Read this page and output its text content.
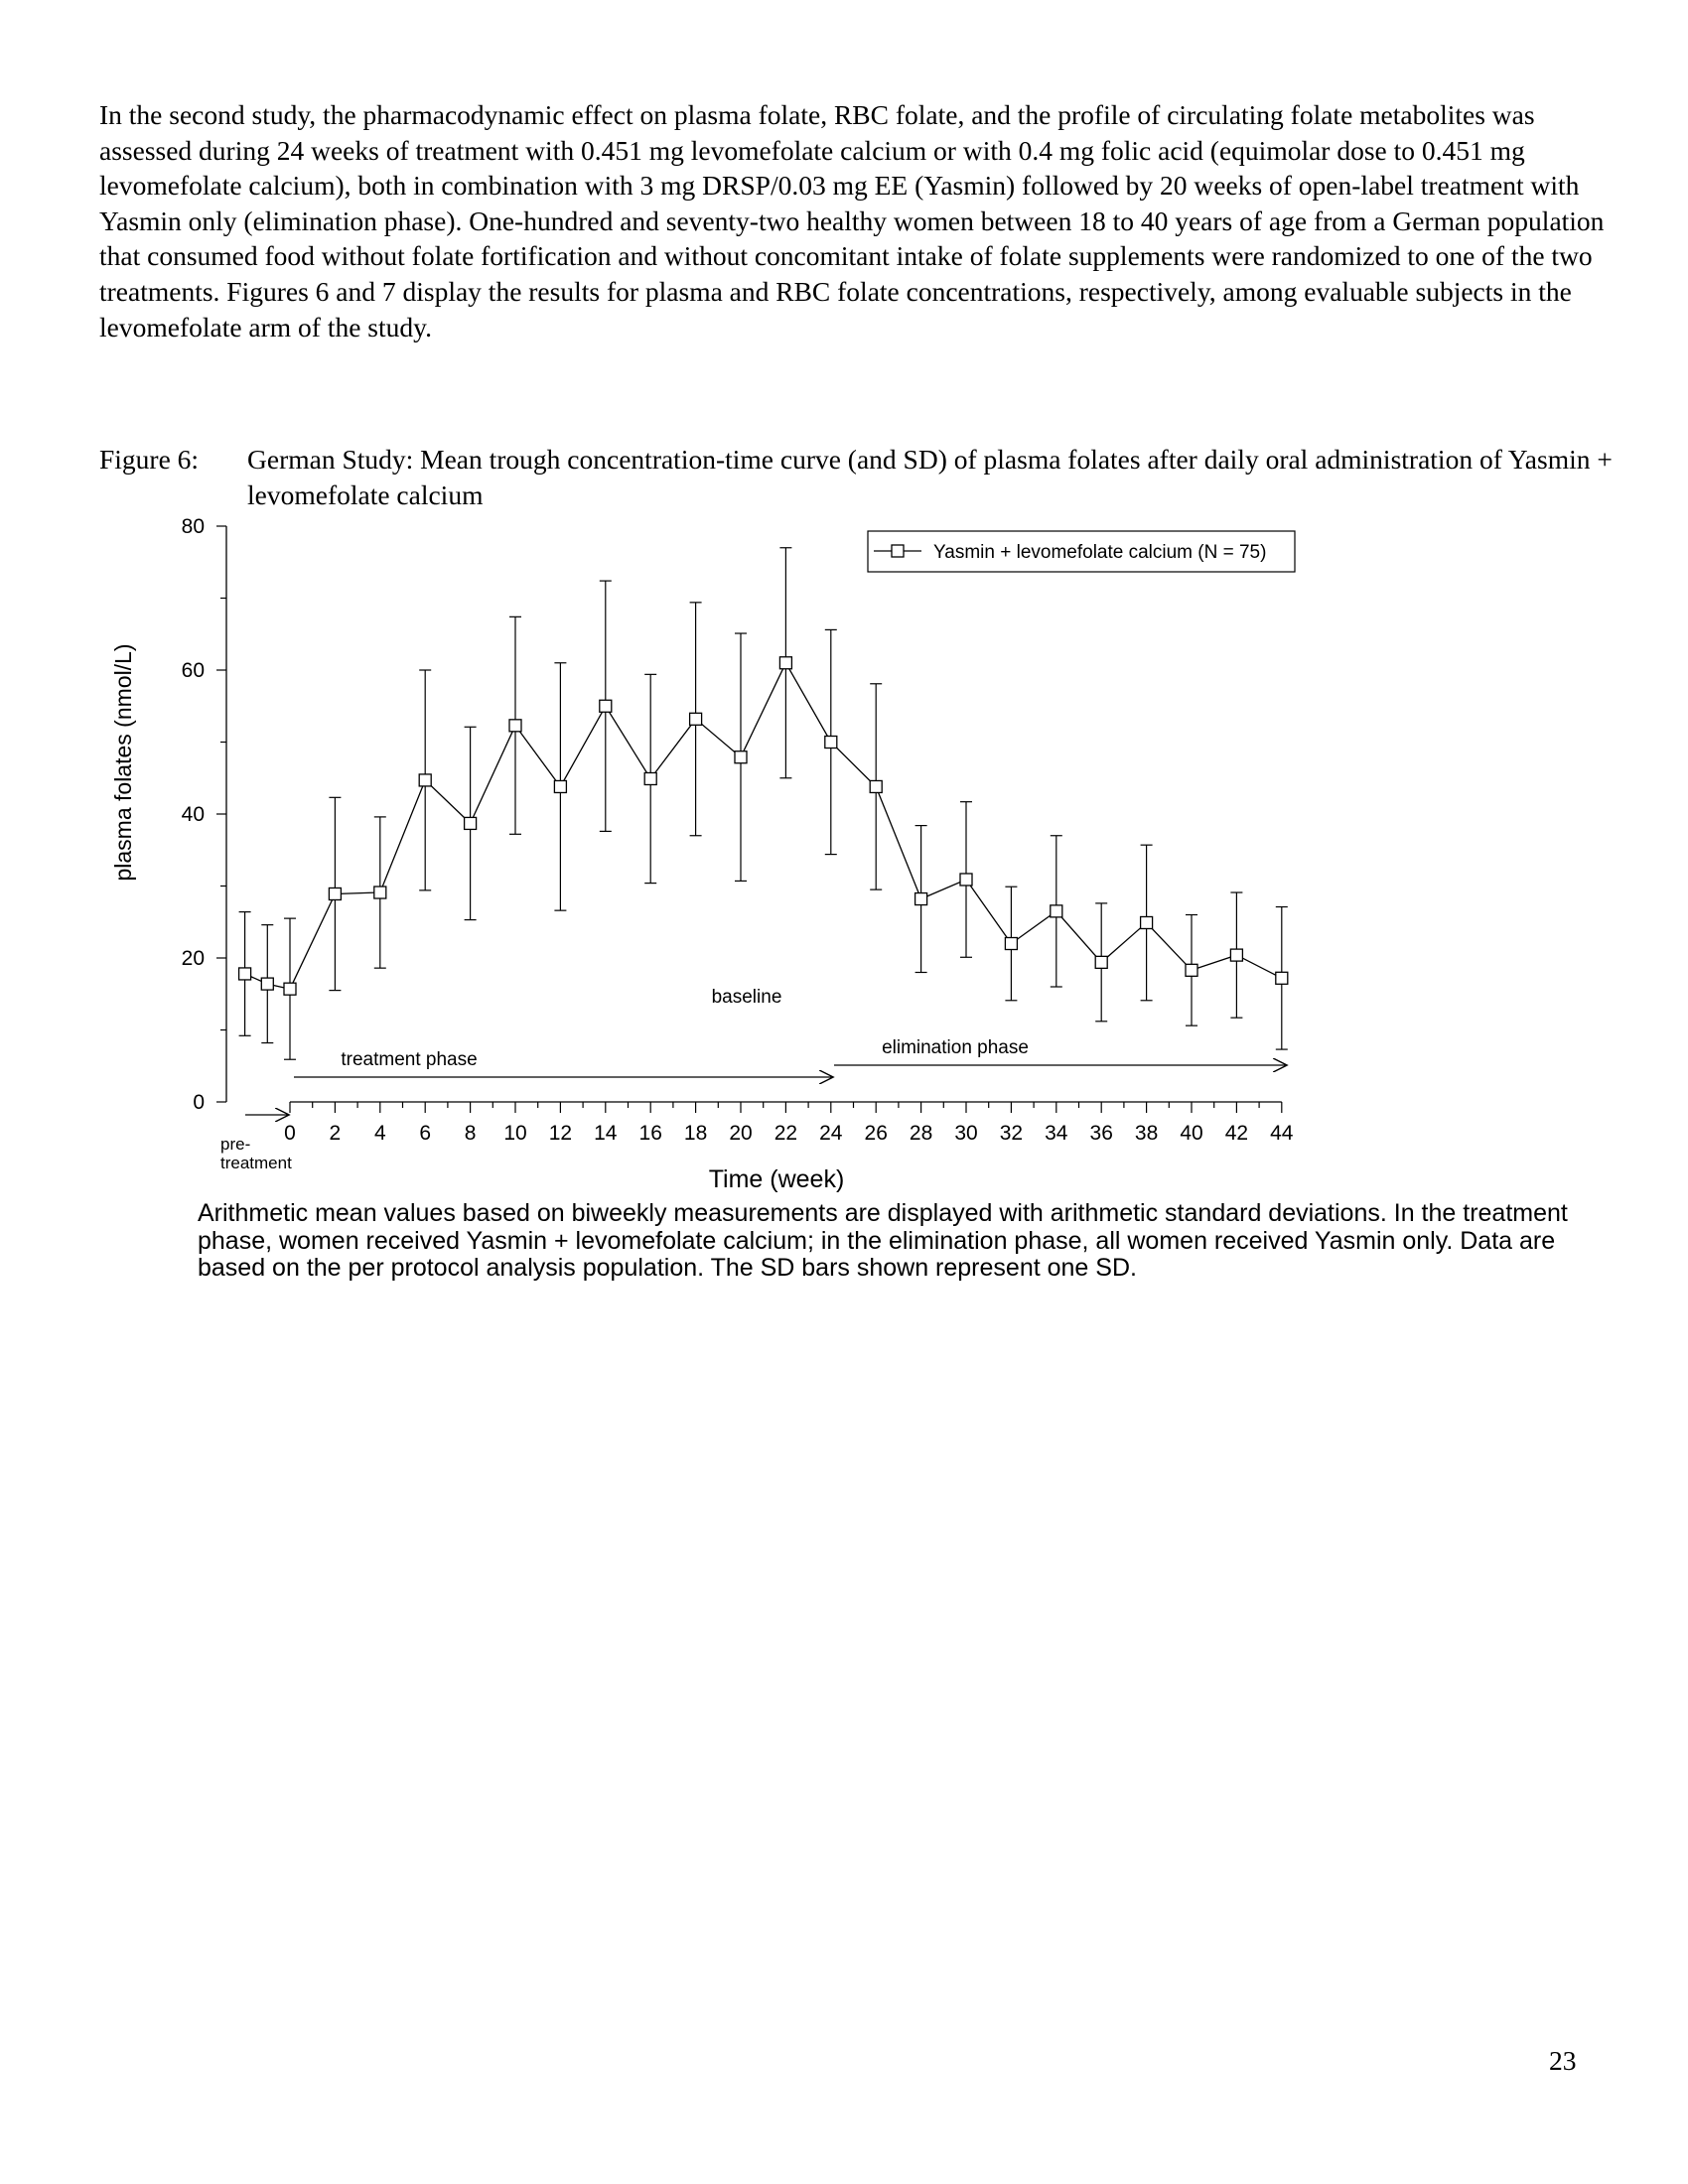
In the second study, the pharmacodynamic effect on plasma folate, RBC folate, and the profile of circulating folate metabolites was assessed during 24 weeks of treatment with 0.451 mg levomefolate calcium or with 0.4 mg folic acid (equimolar dose to 0.451 mg levomefolate calcium), both in combination with 3 mg DRSP/0.03 mg EE (Yasmin) followed by 20 weeks of open-label treatment with Yasmin only (elimination phase). One-hundred and seventy-two healthy women between 18 to 40 years of age from a German population that consumed food without folate fortification and without concomitant intake of folate supplements were randomized to one of the two treatments. Figures 6 and 7 display the results for plasma and RBC folate concentrations, respectively, among evaluable subjects in the levomefolate arm of the study.

Figure 6: German Study: Mean trough concentration-time curve (and SD) of plasma folates after daily oral administration of Yasmin + levomefolate calcium
0
20
40
60
80
0 2 4 6 8 10 12 14 16 18 20 22 24 26 28 30 32 34 36 38 40 42 44
plasma folates (nmol/L)
Time (week)
baseline
treatment phase
elimination phase
pre- treatment
Yasmin + levomefolate calcium (N = 75)

Arithmetic mean values based on biweekly measurements are displayed with arithmetic standard deviations. In the treatment phase, women received Yasmin + levomefolate calcium; in the elimination phase, all women received Yasmin only. Data are based on the per protocol analysis population. The SD bars shown represent one SD.

23
